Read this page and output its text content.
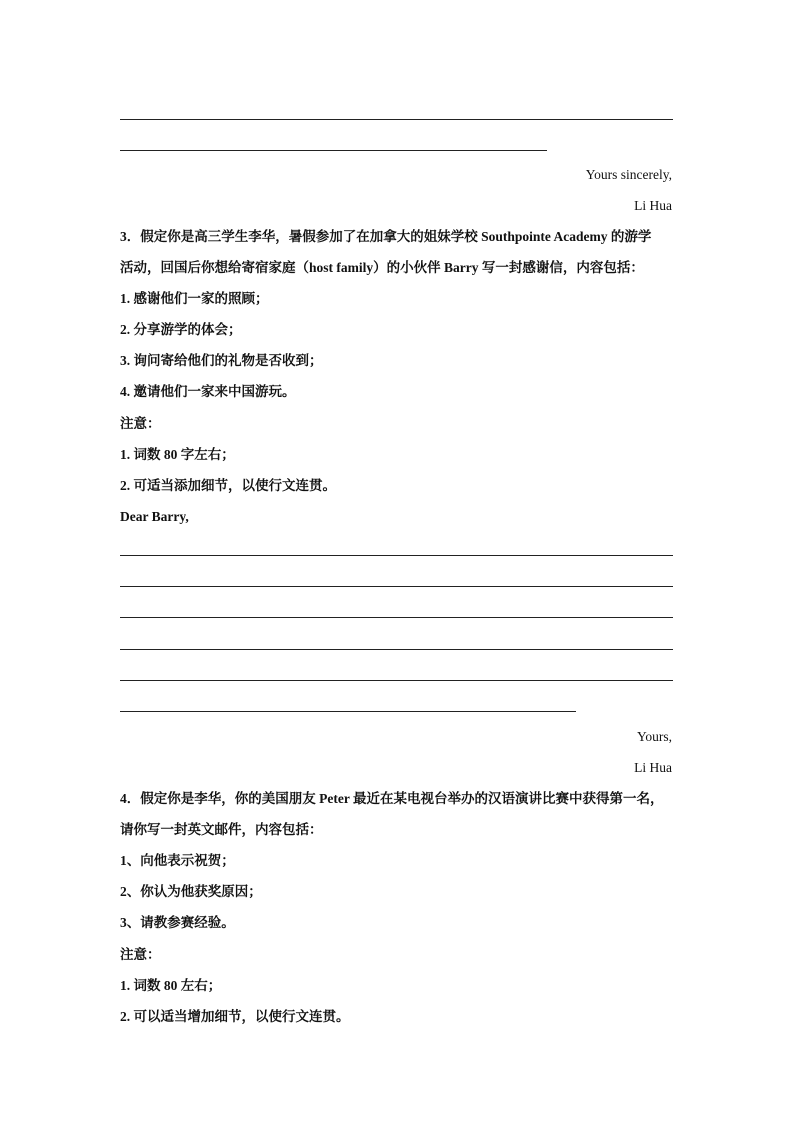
Yours sincerely,
Li Hua
3．假定你是高三学生李华，暑假参加了在加拿大的姐妹学校 Southpointe Academy 的游学
活动，回国后你想给寄宿家庭（host family）的小伙伴 Barry 写一封感谢信，内容包括：
1. 感谢他们一家的照顾；
2. 分享游学的体会；
3. 询问寄给他们的礼物是否收到；
4. 邀请他们一家来中国游玩。
注意：
1. 词数 80 字左右；
2. 可适当添加细节，以使行文连贯。
Dear Barry,
Yours,
Li Hua
4．假定你是李华，你的美国朋友 Peter 最近在某电视台举办的汉语演讲比赛中获得第一名，
请你写一封英文邮件，内容包括：
1、向他表示祝贺；
2、你认为他获奖原因；
3、请教参赛经验。
注意：
1. 词数 80 左右；
2. 可以适当增加细节，以使行文连贯。
